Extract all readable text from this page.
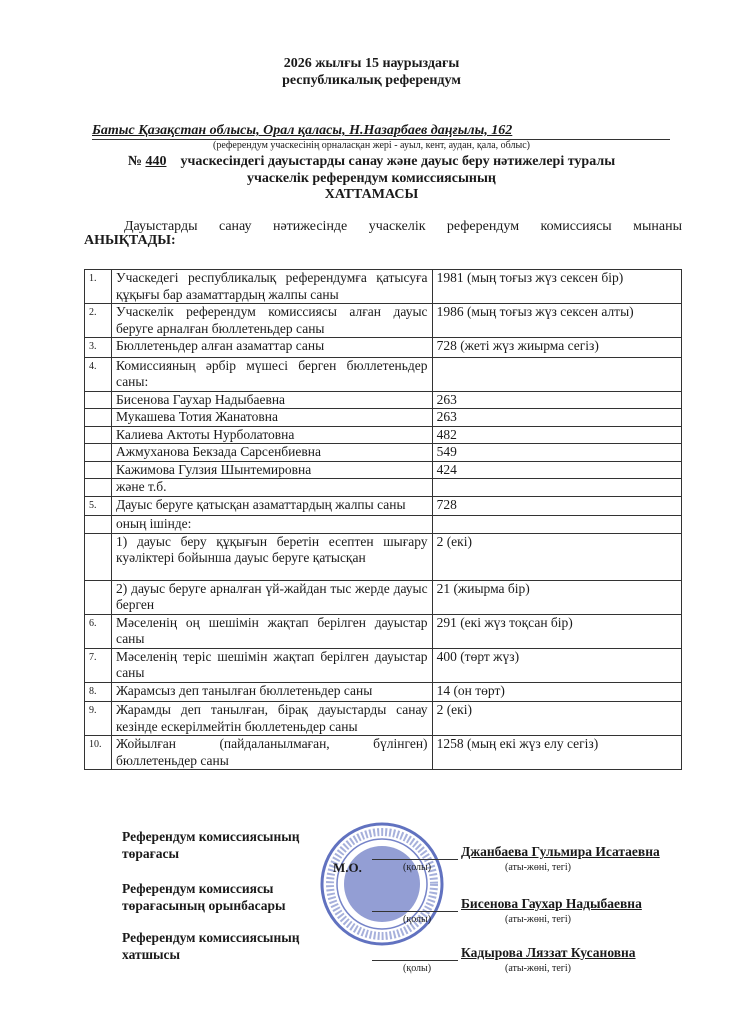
2026 жылғы 15 наурыздағы
республикалық референдум
Батыс Қазақстан облысы, Орал қаласы, Н.Назарбаев даңғылы, 162
(референдум учаскесінің орналасқан жері - ауыл, кент, аудан, қала, облыс)
№ 440 учаскесіндегі дауыстарды санау және дауыс беру нәтижелері туралы
учаскелік референдум комиссиясының
ХАТТАМАСЫ
Дауыстарды санау нәтижесінде учаскелік референдум комиссиясы мынаны
АНЫҚТАДЫ:
1.	Учаскедегі республикалық референдумға қатысуға құқығы бар азаматтардың жалпы саны	1981 (мың тоғыз жүз сексен бір)
2.	Учаскелік референдум комиссиясы алған дауыс беруге арналған бюллетеньдер саны	1986 (мың тоғыз жүз сексен алты)
3.	Бюллетеньдер алған азаматтар саны	728 (жеті жүз жиырма сегіз)
4.	Комиссияның әрбір мүшесі берген бюллетеньдер саны:	
	Бисенова Гаухар Надыбаевна	263
	Мукашева Тотия Жанатовна	263
	Калиева Актоты Нурболатовна	482
	Ажмуханова Бекзада Сарсенбиевна	549
	Кажимова Гулзия Шынтемировна	424
	және т.б.	
5.	Дауыс беруге қатысқан азаматтардың жалпы саны	728
	оның ішінде:	
	1) дауыс беру құқығын беретін есептен шығару куәліктері бойынша дауыс беруге қатысқан	2 (екі)
	2) дауыс беруге арналған үй-жайдан тыс жерде дауыс берген	21 (жиырма бір)
6.	Мәселенің оң шешімін жақтап берілген дауыстар саны	291 (екі жүз тоқсан бір)
7.	Мәселенің теріс шешімін жақтап берілген дауыстар саны	400 (төрт жүз)
8.	Жарамсыз деп танылған бюллетеньдер саны	14 (он төрт)
9.	Жарамды деп танылған, бірақ дауыстарды санау кезінде ескерілмейтін бюллетеньдер саны	2 (екі)
10.	Жойылған (пайдаланылмаған, бүлінген) бюллетеньдер саны	1258 (мың екі жүз елу сегіз)
М.О.
Референдум комиссиясының
төрағасы
(қолы)
Джанбаева Гульмира Исатаевна
(аты-жөні, тегі)
Референдум комиссиясы
төрағасының орынбасары
(қолы)
Бисенова Гаухар Надыбаевна
(аты-жөні, тегі)
Референдум комиссиясының
хатшысы
(қолы)
Кадырова Ляззат Кусановна
(аты-жөні, тегі)
